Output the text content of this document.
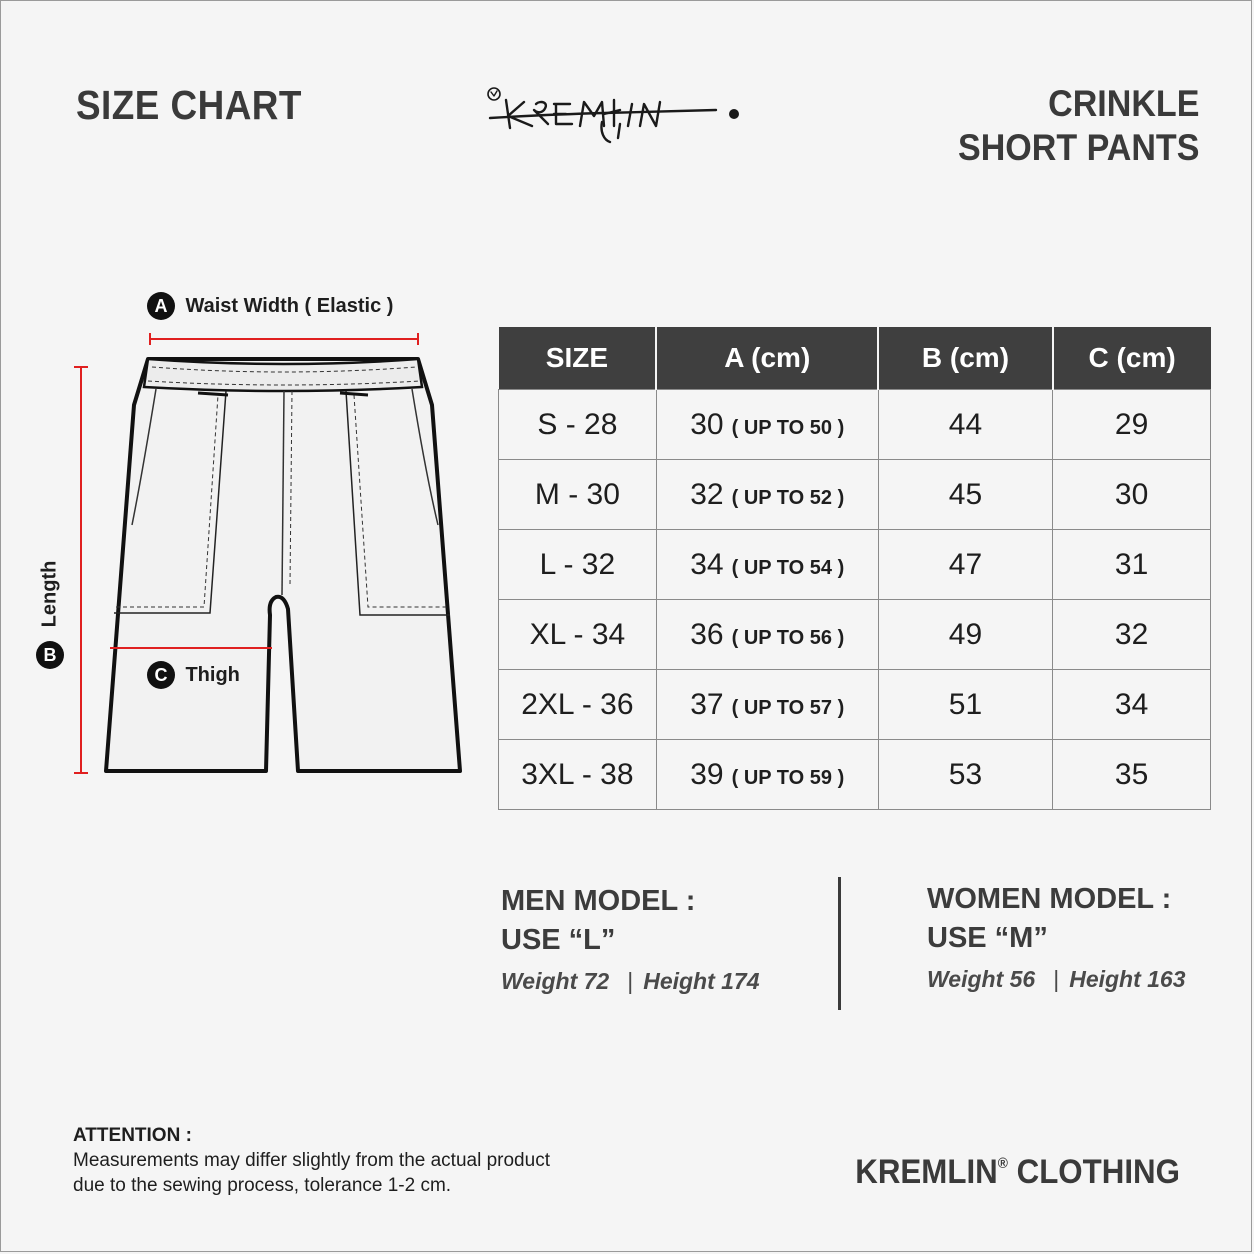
SIZE CHART	CRINKLE
SHORT PANTS
A Waist Width ( Elastic )
Length
B
C Thigh
SIZE	A (cm)	B (cm)	C (cm)
S - 28	30 ( UP TO 50 )	44	29
M - 30	32 ( UP TO 52 )	45	30
L - 32	34 ( UP TO 54 )	47	31
XL - 34	36 ( UP TO 56 )	49	32
2XL - 36	37 ( UP TO 57 )	51	34
3XL - 38	39 ( UP TO 59 )	53	35
MEN MODEL :
USE “L”
Weight 72 | Height 174
WOMEN MODEL :
USE “M”
Weight 56 | Height 163
ATTENTION :
Measurements may differ slightly from the actual product
due to the sewing process, tolerance 1-2 cm.	KREMLIN® CLOTHING
